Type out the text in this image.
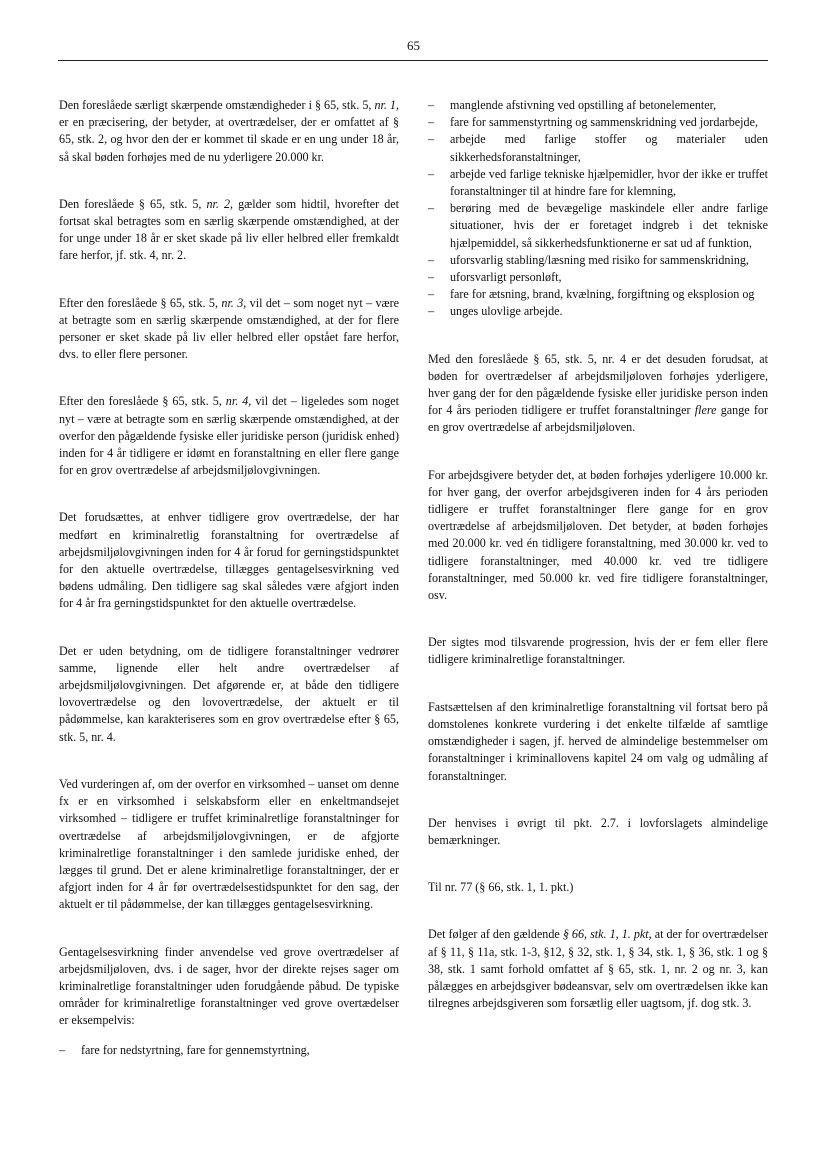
65

Den foreslåede særligt skærpende omstændigheder i § 65, stk. 5, nr. 1, er en præcisering, der betyder, at overtrædelser, der er omfattet af § 65, stk. 2, og hvor den der er kommet til skade er en ung under 18 år, så skal bøden forhøjes med de nu yderligere 20.000 kr.

Den foreslåede § 65, stk. 5, nr. 2, gælder som hidtil, hvorefter det fortsat skal betragtes som en særlig skærpende omstændighed, at der for unge under 18 år er sket skade på liv eller helbred eller fremkaldt fare herfor, jf. stk. 4, nr. 2.

Efter den foreslåede § 65, stk. 5, nr. 3, vil det – som noget nyt – være at betragte som en særlig skærpende omstændighed, at der for flere personer er sket skade på liv eller helbred eller opstået fare herfor, dvs. to eller flere personer.

Efter den foreslåede § 65, stk. 5, nr. 4, vil det – ligeledes som noget nyt – være at betragte som en særlig skærpende omstændighed, at der overfor den pågældende fysiske eller juridiske person (juridisk enhed) inden for 4 år tidligere er idømt en foranstaltning en eller flere gange for en grov overtrædelse af arbejdsmiljølovgivningen.

Det forudsættes, at enhver tidligere grov overtrædelse, der har medført en kriminalretlig foranstaltning for overtrædelse af arbejdsmiljølovgivningen inden for 4 år forud for gerningstidspunktet for den aktuelle overtrædelse, tillægges gentagelsesvirkning ved bødens udmåling. Den tidligere sag skal således være afgjort inden for 4 år fra gerningstidspunktet for den aktuelle overtrædelse.

Det er uden betydning, om de tidligere foranstaltninger vedrører samme, lignende eller helt andre overtrædelser af arbejdsmiljølovgivningen. Det afgørende er, at både den tidligere lovovertrædelse og den lovovertrædelse, der aktuelt er til pådømmelse, kan karakteriseres som en grov overtrædelse efter § 65, stk. 5, nr. 4.

Ved vurderingen af, om der overfor en virksomhed – uanset om denne fx er en virksomhed i selskabsform eller en enkeltmandsejet virksomhed – tidligere er truffet kriminalretlige foranstaltninger for overtrædelse af arbejdsmiljølovgivningen, er de afgjorte kriminalretlige foranstaltninger i den samlede juridiske enhed, der lægges til grund. Det er alene kriminalretlige foranstaltninger, der er afgjort inden for 4 år før overtrædelsestidspunktet for den sag, der aktuelt er til pådømmelse, der kan tillægges gentagelsesvirkning.

Gentagelsesvirkning finder anvendelse ved grove overtrædelser af arbejdsmiljøloven, dvs. i de sager, hvor der direkte rejses sager om kriminalretlige foranstaltninger uden forudgående påbud. De typiske områder for kriminalretlige foranstaltninger ved grove overtædelser er eksempelvis:

– fare for nedstyrtning, fare for gennemstyrtning,
– manglende afstivning ved opstilling af betonelementer,
– fare for sammenstyrtning og sammenskridning ved jordarbejde,
– arbejde med farlige stoffer og materialer uden sikkerhedsforanstaltninger,
– arbejde ved farlige tekniske hjælpemidler, hvor der ikke er truffet foranstaltninger til at hindre fare for klemning,
– berøring med de bevægelige maskindele eller andre farlige situationer, hvis der er foretaget indgreb i det tekniske hjælpemiddel, så sikkerhedsfunktionerne er sat ud af funktion,
– uforsvarlig stabling/læsning med risiko for sammenskridning,
– uforsvarligt personløft,
– fare for ætsning, brand, kvælning, forgiftning og eksplosion og
– unges ulovlige arbejde.

Med den foreslåede § 65, stk. 5, nr. 4 er det desuden forudsat, at bøden for overtrædelser af arbejdsmiljøloven forhøjes yderligere, hver gang der for den pågældende fysiske eller juridiske person inden for 4 års perioden tidligere er truffet foranstaltninger flere gange for en grov overtrædelse af arbejdsmiljøloven.

For arbejdsgivere betyder det, at bøden forhøjes yderligere 10.000 kr. for hver gang, der overfor arbejdsgiveren inden for 4 års perioden tidligere er truffet foranstaltninger flere gange for en grov overtrædelse af arbejdsmiljøloven. Det betyder, at bøden forhøjes med 20.000 kr. ved én tidligere foranstaltning, med 30.000 kr. ved to tidligere foranstaltninger, med 40.000 kr. ved tre tidligere foranstaltninger, med 50.000 kr. ved fire tidligere foranstaltninger, osv.

Der sigtes mod tilsvarende progression, hvis der er fem eller flere tidligere kriminalretlige foranstaltninger.

Fastsættelsen af den kriminalretlige foranstaltning vil fortsat bero på domstolenes konkrete vurdering i det enkelte tilfælde af samtlige omstændigheder i sagen, jf. herved de almindelige bestemmelser om foranstaltninger i kriminallovens kapitel 24 om valg og udmåling af foranstaltninger.

Der henvises i øvrigt til pkt. 2.7. i lovforslagets almindelige bemærkninger.

Til nr. 77 (§ 66, stk. 1, 1. pkt.)

Det følger af den gældende § 66, stk. 1, 1. pkt, at der for overtrædelser af § 11, § 11a, stk. 1-3, §12, § 32, stk. 1, § 34, stk. 1, § 36, stk. 1 og § 38, stk. 1 samt forhold omfattet af § 65, stk. 1, nr. 2 og nr. 3, kan pålægges en arbejdsgiver bødeansvar, selv om overtrædelsen ikke kan tilregnes arbejdsgiveren som forsætlig eller uagtsom, jf. dog stk. 3.
